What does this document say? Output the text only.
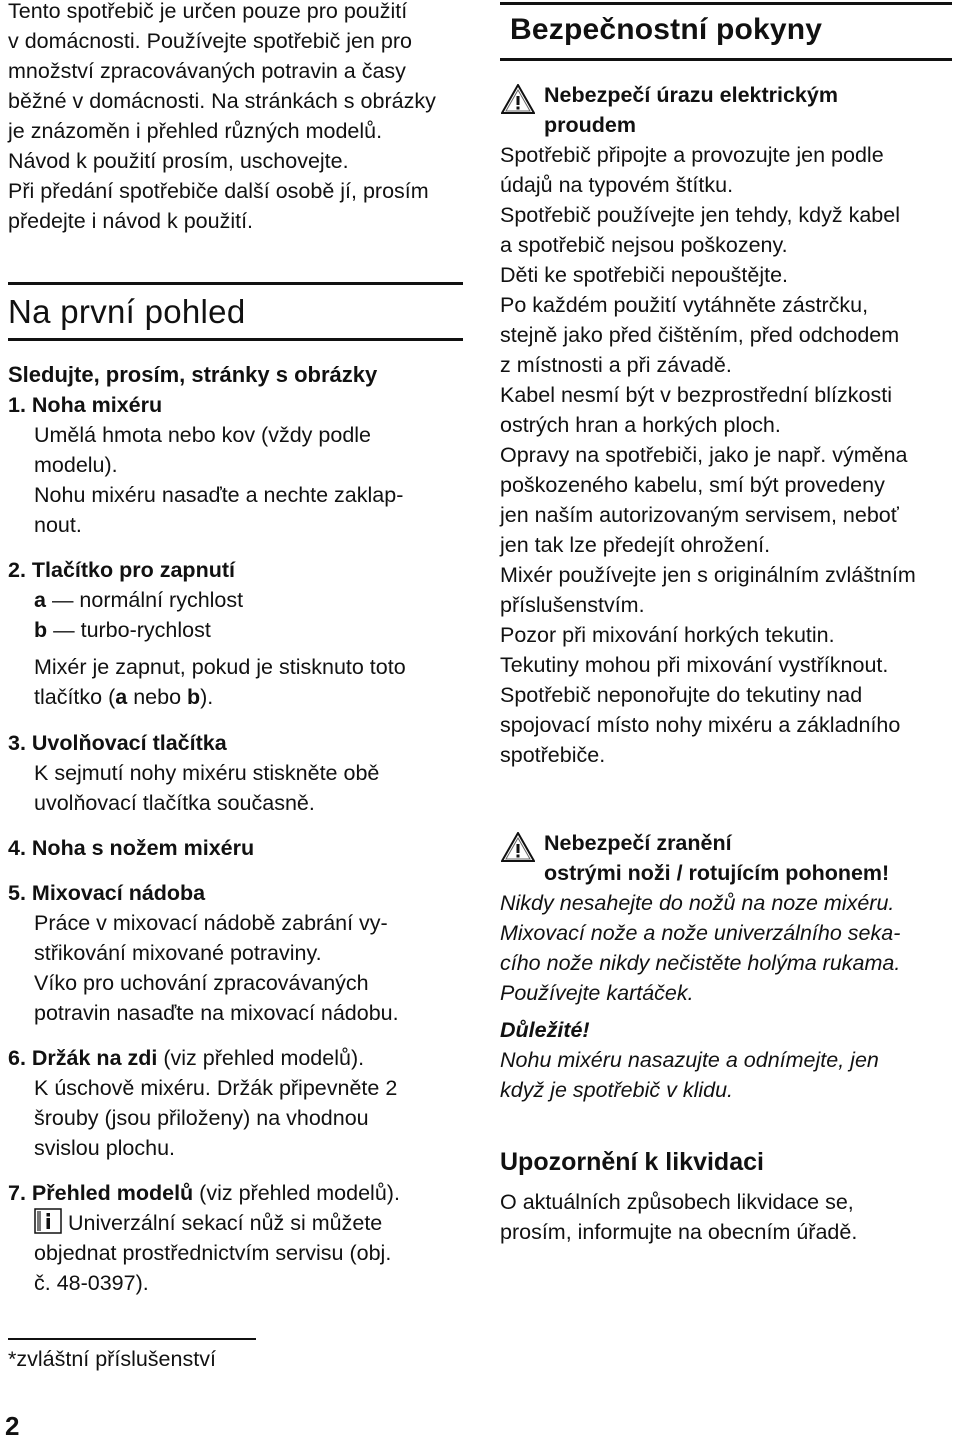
Tento spotřebič je určen pouze pro použití

v domácnosti. Používejte spotřebič jen pro

množství zpracovávaných potravin a časy

běžné v domácnosti. Na stránkách s obrázky

je znázoměn i přehled různých modelů.

Návod k použití prosím, uschovejte.

Při předání spotřebiče další osobě jí, prosím

předejte i návod k použití.

Na první pohled
Sledujte, prosím, stránky s obrázky

1. Noha mixéru

Umělá hmota nebo kov (vždy podle

modelu).

Nohu mixéru nasaďte a nechte zaklap-

nout.

2. Tlačítko pro zapnutí

a — normální rychlost

b — turbo-rychlost

Mixér je zapnut, pokud je stisknuto toto

tlačítko (a nebo b).

3. Uvolňovací tlačítka

K sejmutí nohy mixéru stiskněte obě

uvolňovací tlačítka současně.

4. Noha s nožem mixéru

5. Mixovací nádoba

Práce v mixovací nádobě zabrání vy-

střikování mixované potraviny.

Víko pro uchování zpracovávaných

potravin nasaďte na mixovací nádobu.

6. Držák na zdi (viz přehled modelů).

K úschově mixéru. Držák připevněte 2

šrouby (jsou přiloženy) na vhodnou

svislou plochu.

7. Přehled modelů (viz přehled modelů).

Univerzální sekací nůž si můžete

objednat prostřednictvím servisu (obj.

č. 48-0397).

*zvláštní příslušenství
2
Bezpečnostní pokyny

Nebezpečí úrazu elektrickým

proudem

Spotřebič připojte a provozujte jen podle

údajů na typovém štítku.

Spotřebič používejte jen tehdy, když kabel

a spotřebič nejsou poškozeny.

Děti ke spotřebiči nepouštějte.

Po každém použití vytáhněte zástrčku,

stejně jako před čištěním, před odchodem

z místnosti a při závadě.

Kabel nesmí být v bezprostřední blízkosti

ostrých hran a horkých ploch.

Opravy na spotřebiči, jako je např. výměna

poškozeného kabelu, smí být provedeny

jen naším autorizovaným servisem, neboť

jen tak lze předejít ohrožení.

Mixér používejte jen s originálním zvláštním

příslušenstvím.

Pozor při mixování horkých tekutin.

Tekutiny mohou při mixování vystříknout.

Spotřebič neponořujte do tekutiny nad

spojovací místo nohy mixéru a základního

spotřebiče.

Nebezpečí zranění

ostrými noži / rotujícím pohonem!

Nikdy nesahejte do nožů na noze mixéru.

Mixovací nože a nože univerzálního seka-

cího nože nikdy nečistěte holýma rukama.

Používejte kartáček.

Důležité!

Nohu mixéru nasazujte a odnímejte, jen

když je spotřebič v klidu.

Upozornění k likvidaci

O aktuálních způsobech likvidace se,

prosím, informujte na obecním úřadě.
